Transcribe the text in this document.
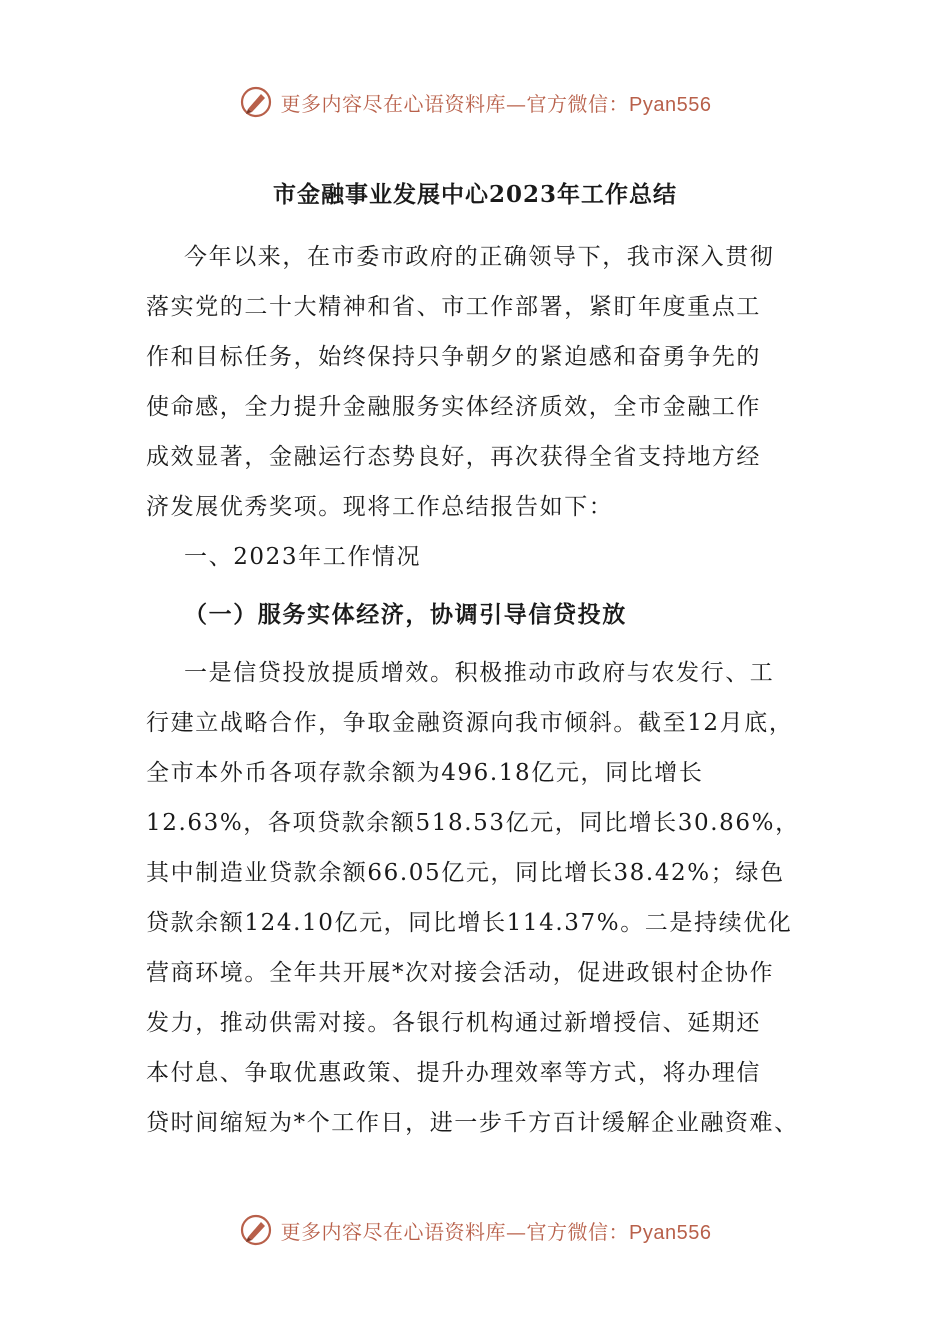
更多内容尽在心语资料库—官方微信：Pyan556
市金融事业发展中心2023年工作总结
今年以来，在市委市政府的正确领导下，我市深入贯彻
落实党的二十大精神和省、市工作部署，紧盯年度重点工
作和目标任务，始终保持只争朝夕的紧迫感和奋勇争先的
使命感，全力提升金融服务实体经济质效，全市金融工作
成效显著，金融运行态势良好，再次获得全省支持地方经
济发展优秀奖项。现将工作总结报告如下：
一、2023年工作情况
（一）服务实体经济，协调引导信贷投放
一是信贷投放提质增效。积极推动市政府与农发行、工
行建立战略合作，争取金融资源向我市倾斜。截至12月底，
全市本外币各项存款余额为496.18亿元，同比增长
12.63%，各项贷款余额518.53亿元，同比增长30.86%，
其中制造业贷款余额66.05亿元，同比增长38.42%；绿色
贷款余额124.10亿元，同比增长114.37%。二是持续优化
营商环境。全年共开展*次对接会活动，促进政银村企协作
发力，推动供需对接。各银行机构通过新增授信、延期还
本付息、争取优惠政策、提升办理效率等方式，将办理信
贷时间缩短为*个工作日，进一步千方百计缓解企业融资难、
更多内容尽在心语资料库—官方微信：Pyan556
